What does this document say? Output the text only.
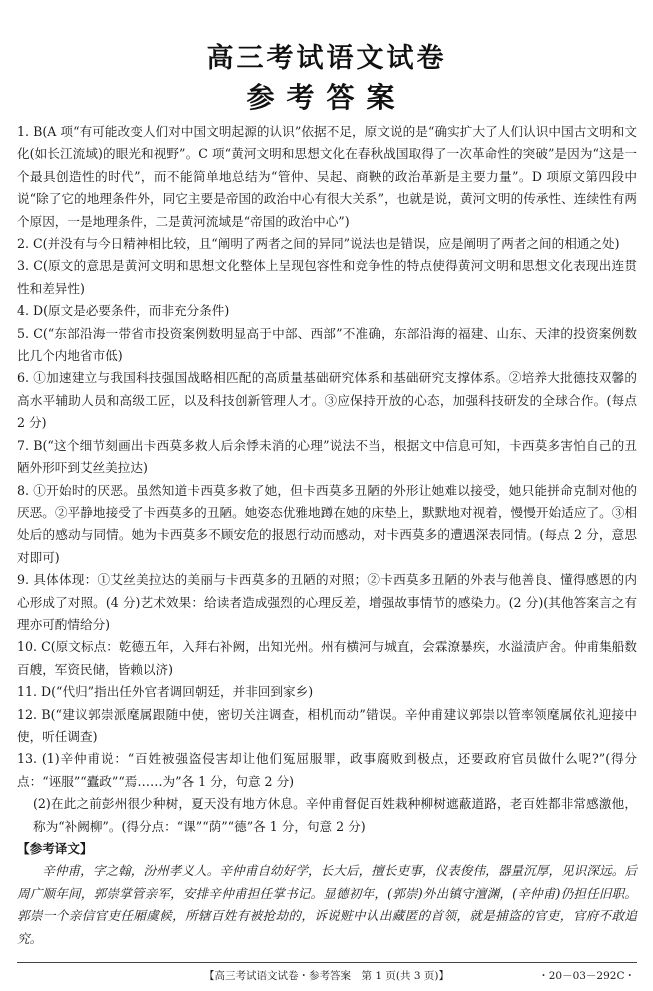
高三考试语文试卷
参考答案
1. B(A 项“有可能改变人们对中国文明起源的认识”依据不足，原文说的是“确实扩大了人们认识中国古文明和文化(如长江流域)的眼光和视野”。C 项“黄河文明和思想文化在春秋战国取得了一次革命性的突破”是因为“这是一个最具创造性的时代”，而不能简单地总结为“管仲、吴起、商鞅的政治革新是主要力量”。D 项原文第四段中说“除了它的地理条件外，同它主要是帝国的政治中心有很大关系”，也就是说，黄河文明的传承性、连续性有两个原因，一是地理条件，二是黄河流域是“帝国的政治中心”)
2. C(并没有与今日精神相比较，且“阐明了两者之间的异同”说法也是错误，应是阐明了两者之间的相通之处)
3. C(原文的意思是黄河文明和思想文化整体上呈现包容性和竞争性的特点使得黄河文明和思想文化表现出连贯性和差异性)
4. D(原文是必要条件，而非充分条件)
5. C(“东部沿海一带省市投资案例数明显高于中部、西部”不准确，东部沿海的福建、山东、天津的投资案例数比几个内地省市低)
6. ①加速建立与我国科技强国战略相匹配的高质量基础研究体系和基础研究支撑体系。②培养大批德技双馨的高水平辅助人员和高级工匠，以及科技创新管理人才。③应保持开放的心态，加强科技研发的全球合作。(每点 2 分)
7. B(“这个细节刻画出卡西莫多救人后余悸未消的心理”说法不当，根据文中信息可知，卡西莫多害怕自己的丑陋外形吓到艾丝美拉达)
8. ①开始时的厌恶。虽然知道卡西莫多救了她，但卡西莫多丑陋的外形让她难以接受，她只能拼命克制对他的厌恶。②平静地接受了卡西莫多的丑陋。她姿态优雅地蹲在她的床垫上，默默地对视着，慢慢开始适应了。③相处后的感动与同情。她为卡西莫多不顾安危的报恩行动而感动，对卡西莫多的遭遇深表同情。(每点 2 分，意思对即可)
9. 具体体现：①艾丝美拉达的美丽与卡西莫多的丑陋的对照；②卡西莫多丑陋的外表与他善良、懂得感恩的内心形成了对照。(4 分)艺术效果：给读者造成强烈的心理反差，增强故事情节的感染力。(2 分)(其他答案言之有理亦可酌情给分)
10. C(原文标点：乾德五年，入拜右补阙，出知光州。州有横河与城直，会霖潦暴疾，水溢渍庐舍。仲甫集船数百艘，军资民储，皆赖以济)
11. D(“代归”指出任外官者调回朝廷，并非回到家乡)
12. B(“建议郭崇派麾属跟随中使，密切关注调查，相机而动”错误。辛仲甫建议郭崇以管率领麾属依礼迎接中使，听任调查)
13. (1)辛仲甫说：“百姓被强盗侵害却让他们冤屈服罪，政事腐败到极点，还要政府官员做什么呢?”(得分点：“诬服”“蠹政”“焉……为”各 1 分，句意 2 分)
(2)在此之前彭州很少种树，夏天没有地方休息。辛仲甫督促百姓栽种柳树遮蔽道路，老百姓都非常感激他，称为“补阙柳”。(得分点：“课”“荫”“德”各 1 分，句意 2 分)
【参考译文】
辛仲甫，字之翰，汾州孝义人。辛仲甫自幼好学，长大后，擅长吏事，仪表俊伟，器量沉厚，见识深远。后周广顺年间，郭崇掌管亲军，安排辛仲甫担任掌书记。显德初年，(郭崇)外出镇守澶渊，(辛仲甫)仍担任旧职。郭崇一个亲信官吏任厢虞候，所辖百姓有被抢劫的，诉说赃中认出藏匿的首领，就是捕盗的官吏，官府不敢追究。
【高三考试语文试卷・参考答案　第 1 页(共 3 页)】	・20－03－292C・
